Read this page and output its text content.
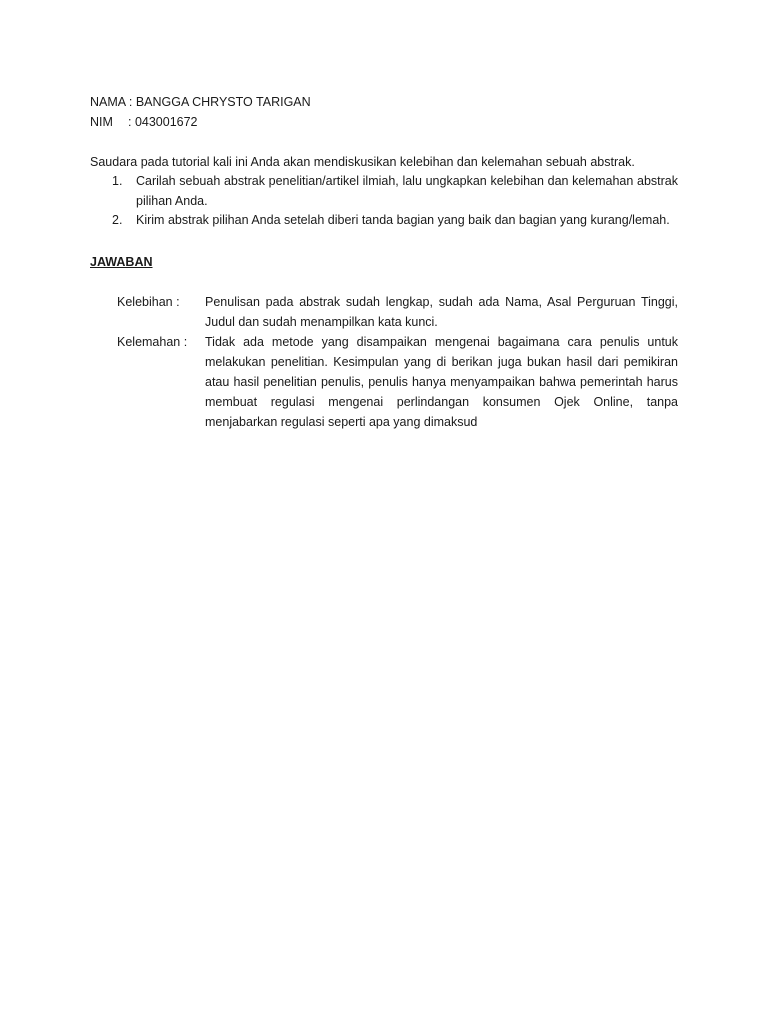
NAMA : BANGGA CHRYSTO TARIGAN
NIM : 043001672
Saudara pada tutorial kali ini Anda akan mendiskusikan kelebihan dan kelemahan sebuah abstrak.
1. Carilah sebuah abstrak penelitian/artikel ilmiah, lalu ungkapkan kelebihan dan kelemahan abstrak pilihan Anda.
2. Kirim abstrak pilihan Anda setelah diberi tanda bagian yang baik dan bagian yang kurang/lemah.
JAWABAN
Kelebihan :	Penulisan pada abstrak sudah lengkap, sudah ada Nama, Asal Perguruan Tinggi, Judul dan sudah menampilkan kata kunci.
Kelemahan :	Tidak ada metode yang disampaikan mengenai bagaimana cara penulis untuk melakukan penelitian. Kesimpulan yang di berikan juga bukan hasil dari pemikiran atau hasil penelitian penulis, penulis hanya menyampaikan bahwa pemerintah harus membuat regulasi mengenai perlindangan konsumen Ojek Online, tanpa menjabarkan regulasi seperti apa yang dimaksud
